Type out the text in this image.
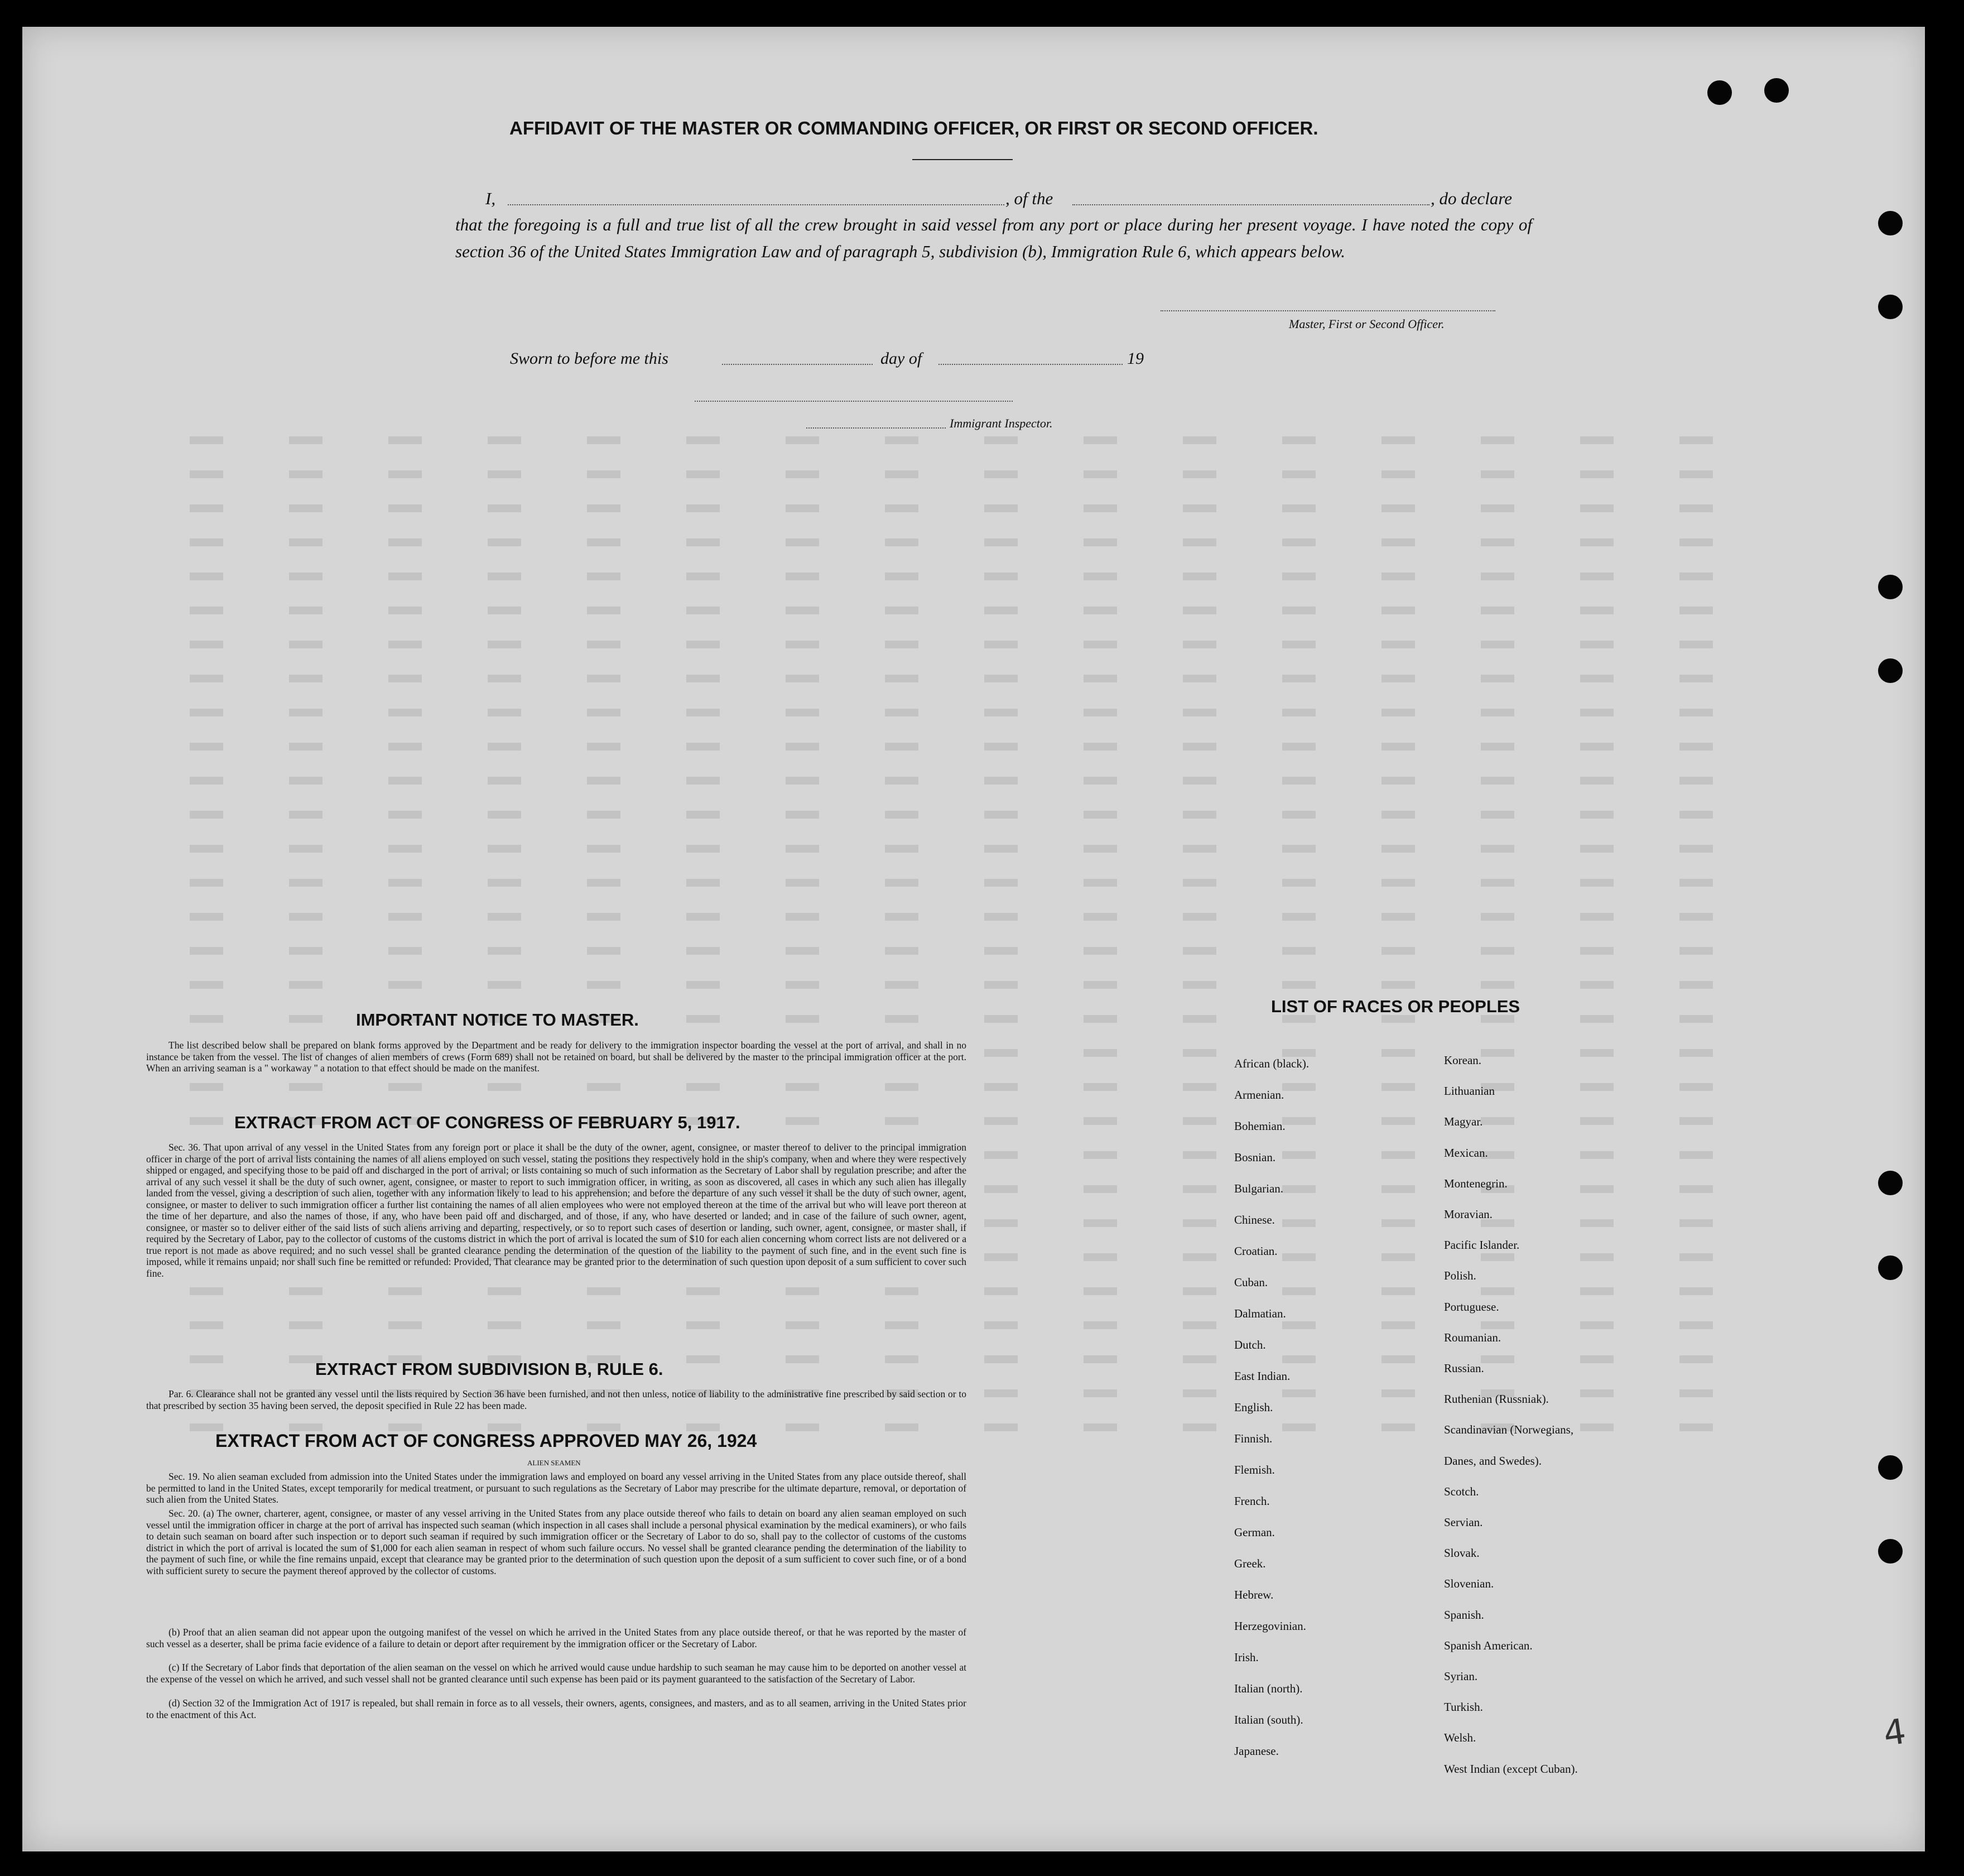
AFFIDAVIT OF THE MASTER OR COMMANDING OFFICER, OR FIRST OR SECOND OFFICER.
I,	, of the	, do declare
that the foregoing is a full and true list of all the crew brought in said vessel from any port or place during her present voyage. I have noted the copy of section 36 of the United States Immigration Law and of paragraph 5, subdivision (b), Immigration Rule 6, which appears below.
Master, First or Second Officer.
Sworn to before me this	day of	19
Immigrant Inspector.
IMPORTANT NOTICE TO MASTER.
The list described below shall be prepared on blank forms approved by the Department and be ready for delivery to the immigration inspector boarding the vessel at the port of arrival, and shall in no instance be taken from the vessel. The list of changes of alien members of crews (Form 689) shall not be retained on board, but shall be delivered by the master to the principal immigration officer at the port. When an arriving seaman is a " workaway " a notation to that effect should be made on the manifest.
EXTRACT FROM ACT OF CONGRESS OF FEBRUARY 5, 1917.
Sec. 36. That upon arrival of any vessel in the United States from any foreign port or place it shall be the duty of the owner, agent, consignee, or master thereof to deliver to the principal immigration officer in charge of the port of arrival lists containing the names of all aliens employed on such vessel, stating the positions they respectively hold in the ship's company, when and where they were respectively shipped or engaged, and specifying those to be paid off and discharged in the port of arrival; or lists containing so much of such information as the Secretary of Labor shall by regulation prescribe; and after the arrival of any such vessel it shall be the duty of such owner, agent, consignee, or master to report to such immigration officer, in writing, as soon as discovered, all cases in which any such alien has illegally landed from the vessel, giving a description of such alien, together with any information likely to lead to his apprehension; and before the departure of any such vessel it shall be the duty of such owner, agent, consignee, or master to deliver to such immigration officer a further list containing the names of all alien employees who were not employed thereon at the time of the arrival but who will leave port thereon at the time of her departure, and also the names of those, if any, who have been paid off and discharged, and of those, if any, who have deserted or landed; and in case of the failure of such owner, agent, consignee, or master so to deliver either of the said lists of such aliens arriving and departing, respectively, or so to report such cases of desertion or landing, such owner, agent, consignee, or master shall, if required by the Secretary of Labor, pay to the collector of customs of the customs district in which the port of arrival is located the sum of $10 for each alien concerning whom correct lists are not delivered or a true report is not made as above required; and no such vessel shall be granted clearance pending the determination of the question of the liability to the payment of such fine, and in the event such fine is imposed, while it remains unpaid; nor shall such fine be remitted or refunded: Provided, That clearance may be granted prior to the determination of such question upon deposit of a sum sufficient to cover such fine.
EXTRACT FROM SUBDIVISION B, RULE 6.
Par. 6. Clearance shall not be granted any vessel until the lists required by Section 36 have been furnished, and not then unless, notice of liability to the administrative fine prescribed by said section or to that prescribed by section 35 having been served, the deposit specified in Rule 22 has been made.
EXTRACT FROM ACT OF CONGRESS APPROVED MAY 26, 1924
ALIEN SEAMEN
Sec. 19. No alien seaman excluded from admission into the United States under the immigration laws and employed on board any vessel arriving in the United States from any place outside thereof, shall be permitted to land in the United States, except temporarily for medical treatment, or pursuant to such regulations as the Secretary of Labor may prescribe for the ultimate departure, removal, or deportation of such alien from the United States.
Sec. 20. (a) The owner, charterer, agent, consignee, or master of any vessel arriving in the United States from any place outside thereof who fails to detain on board any alien seaman employed on such vessel until the immigration officer in charge at the port of arrival has inspected such seaman (which inspection in all cases shall include a personal physical examination by the medical examiners), or who fails to detain such seaman on board after such inspection or to deport such seaman if required by such immigration officer or the Secretary of Labor to do so, shall pay to the collector of customs of the customs district in which the port of arrival is located the sum of $1,000 for each alien seaman in respect of whom such failure occurs. No vessel shall be granted clearance pending the determination of the liability to the payment of such fine, or while the fine remains unpaid, except that clearance may be granted prior to the determination of such question upon the deposit of a sum sufficient to cover such fine, or of a bond with sufficient surety to secure the payment thereof approved by the collector of customs.
(b) Proof that an alien seaman did not appear upon the outgoing manifest of the vessel on which he arrived in the United States from any place outside thereof, or that he was reported by the master of such vessel as a deserter, shall be prima facie evidence of a failure to detain or deport after requirement by the immigration officer or the Secretary of Labor.
(c) If the Secretary of Labor finds that deportation of the alien seaman on the vessel on which he arrived would cause undue hardship to such seaman he may cause him to be deported on another vessel at the expense of the vessel on which he arrived, and such vessel shall not be granted clearance until such expense has been paid or its payment guaranteed to the satisfaction of the Secretary of Labor.
(d) Section 32 of the Immigration Act of 1917 is repealed, but shall remain in force as to all vessels, their owners, agents, consignees, and masters, and as to all seamen, arriving in the United States prior to the enactment of this Act.
LIST OF RACES OR PEOPLES
African (black).
Armenian.
Bohemian.
Bosnian.
Bulgarian.
Chinese.
Croatian.
Cuban.
Dalmatian.
Dutch.
East Indian.
English.
Finnish.
Flemish.
French.
German.
Greek.
Hebrew.
Herzegovinian.
Irish.
Italian (north).
Italian (south).
Japanese.
Korean.
Lithuanian
Magyar.
Mexican.
Montenegrin.
Moravian.
Pacific Islander.
Polish.
Portuguese.
Roumanian.
Russian.
Ruthenian (Russniak).
Scandinavian (Norwegians,
Danes, and Swedes).
Scotch.
Servian.
Slovak.
Slovenian.
Spanish.
Spanish American.
Syrian.
Turkish.
Welsh.
West Indian (except Cuban).
4
